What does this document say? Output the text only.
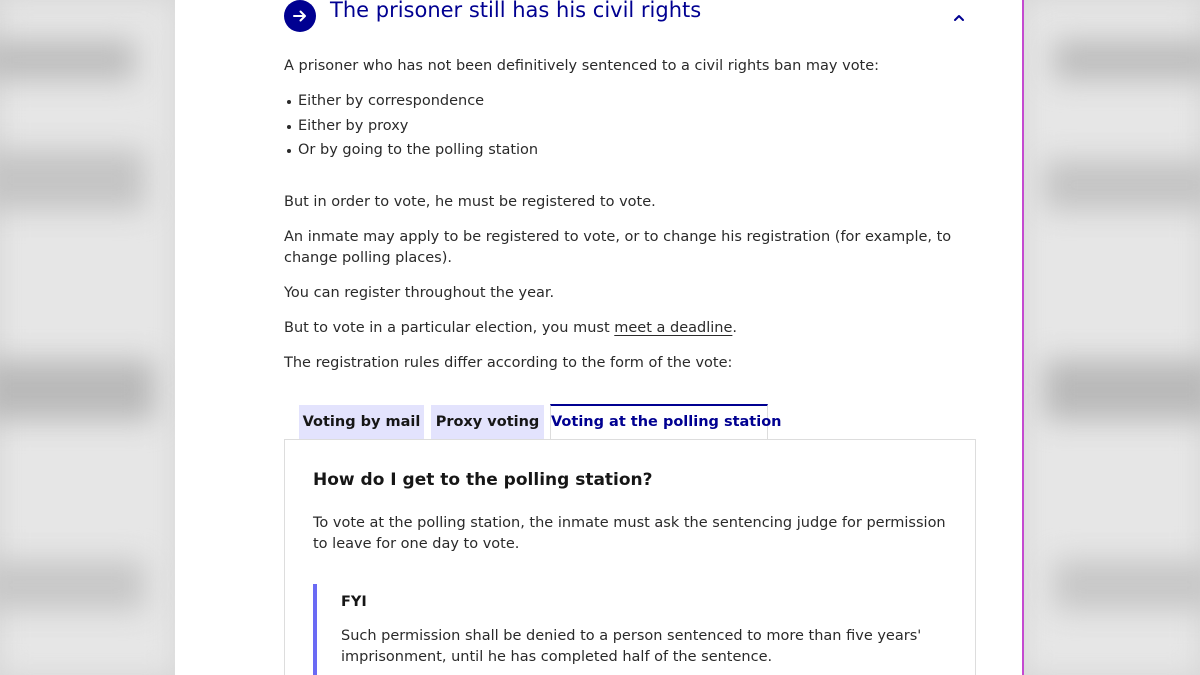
The prisoner still has his civil rights

A prisoner who has not been definitively sentenced to a civil rights ban may vote:

Either by correspondence
Either by proxy
Or by going to the polling station

But in order to vote, he must be registered to vote.

An inmate may apply to be registered to vote, or to change his registration (for example, to change polling places).

You can register throughout the year.

But to vote in a particular election, you must meet a deadline.

The registration rules differ according to the form of the vote:

Voting by mail	Proxy voting Voting at the polling station
How do I get to the polling station?

To vote at the polling station, the inmate must ask the sentencing judge for permission to leave for one day to vote.

FYI

Such permission shall be denied to a person sentenced to more than five years' imprisonment, until he has completed half of the sentence.
